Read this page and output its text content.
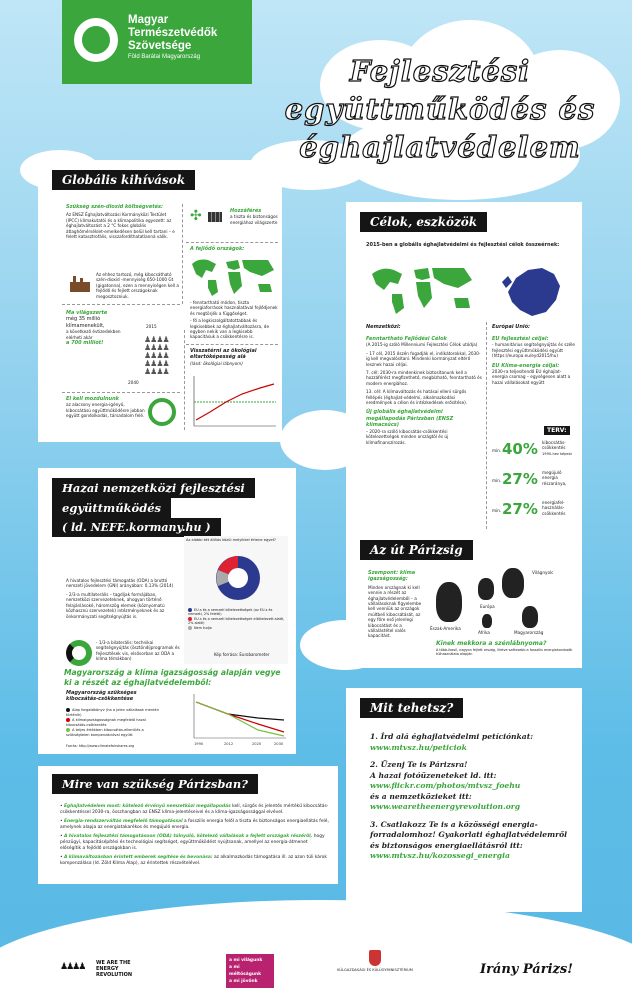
Magyar
Természetvédők
Szövetsége
Föld Barátai Magyarország	Fejlesztési
együttműködés és
éghajlatvédelem
Globális kihívások
Szükség szén-dioxid költségvetés:
Az ENSZ Éghajlatváltozási Kormányközi Testület (IPCC) klímakutatói és a klímapolitika egyezett: az éghajlatváltozást a 2 °C fokos globális átlaghőmérséklet-emelkedésen belül kell tartani – e felett katasztrofális, visszafordíthatatlanná válik.
Az ehhez tartozó, még kibocsátható szén-dioxid -mennyiség 650-1000 Gt (gigatonna), ezen a mennyiségen kell a fejlődő és fejlett országoknak megosztozniuk.
✣	Hozzáférés
a tiszta és biztonságos energiához világszerte
A fejlődő országok:
- fenntartható módon, tiszta energiaforrások használatával fejlődjenek és megtörjék a függőséget.
- fő a legkiszolgáltatottabbak és legkisebbek az éghajlatváltozásra, de egyben nekik van a legkisebb kapacitásuk a csökkentésre is.
Ma világszerte
még 35 millió klímamenekült,
a következő évtizedekben elérheti akár
a 700 milliót!
2015
2040
♟♟♟♟
♟♟♟♟
♟♟♟♟
♟♟♟♟
♟♟♟♟
El kell mozdulnunk
az alacsony energia-igényű, kibocsátású együttműködésre jobban együtt gondolkodás, társadalom felé.
Visszatérni az ökológiai eltartóképesség alá
(lásd: ökológiai lábnyom)
Célok, eszközök
2015-ben a globális éghajlatvédelmi és fejlesztési célok összeérnek:
Nemzetközi:	Európai Unió:
Fenntartható Fejlődési Célok
(A 2015-ig szóló Millenniumi Fejlesztési Célok utódja)
– 17 cél, 2015 őszén fogadják el, indikátorokkal, 2030-ig kell megvalósítani. Mindenki kormányzat eltérő lesznek hazai céljai.
7. cél: 2030-ra mindenkinek biztosítanunk kell a hozzáférést megfizethető, megbízható, fenntartható és modern energiához.
13. cél: A klímaváltozás és hatásai elleni sürgős fellépés (éghajlat-védelmi, alkalmazkodási eredmények a célon és intézkedések erősítése).
Új globális éghajlatvédelmi megállapodás Párizsban (ENSZ klímacsúcs)
– 2020-ra szóló kibocsátás-csökkentési kötelezettségek minden országtól és új klímafinanszírozás.
EU fejlesztési céljai:
- humanitárius segítségnyújtás és széle fejlesztési együttműködési együtt
(https://europa.eu/eyd2015/hu)
EU Klíma-energia céljai:
2030-ra teljesítendő EU éghajlat-energia csomag – egységesen alatt a hazai vállalásokat együtt
TERV:
min. 40% kibocsátás-csökkentés
1990-hez képest
min. 27% megújuló energia részaránya,
min. 27% energiafel-használás-csökkentés
Hazai nemzetközi fejlesztési
együttműködés
( ld. NEFE.kormany.hu )
A hivatalos fejlesztési támogatás (ODA) a bruttó nemzeti jövedelem (GNI) arányában: 0,13% (2014)
- 2/3-a multilaterális – tagdíjak formájában, nemzetközi szervezeteknek, ahogyan történő felajánlásoké, háromszög elemek (köznyomatú közhasznú szervezetek) intézményeknek és az önkormányzati segítségnyújtás is.
- 1/3-a bilaterális: technikai segítségnyújtás (ösztöndíjprogramok és fejlesztések vis, elsősorban az ODA a klíma témákban)
Az alábbi két állítás közül melyikkel értene egyet?
EU-s és a nemzeti kötelezettségek (az EU-s és nemzeti, 2% feletti)
EU-s és a nemzeti kötelezettségek elkötelezett alatti, 2% alatti)
Nem tudja
Kép forrása: Eurobarometer
Magyarország a klíma igazságosság alapján vegye ki a részét az éghajlatvédelemből:
Magyarország szükséges kibocsátás-csökkentése
Alap forgatókönyv (ha a jelen vállalások mentén történik)
A klímaigazságosságnak megfelelő hazai kibocsátás-csökkentés
A teljes értékben kibocsátás-elkerülés a szükségtelen kompenzációval együtt
Forrás: http://www.climatefairshares.org	1990	2012	2020	2030
Az út Párizsig
Szempont: klíma igazságosság:
Minden országnak ki kell vennie a részét az éghajlatvédelemből – a vállalásoknak figyelembe kell venniük az országok múltbeli kibocsátását, az egy főre eső jelenlegi kibocsátást és a vállalástétel valós kapacitást.
Világnyolc
Európa
Észak-Amerika
Afrika	Magyarország
Kinek mekkora a szénlábnyoma?
A több-fossil, nagyon fejlett ország, illetve szélesebb a fosszilis energiahordozók túlhasználata alapján
Mit tehetsz?
1. Írd alá éghajlatvédelmi petíciónkat:
www.mtvsz.hu/peticiok
2. Üzenj Te is Párizsra!
A hazai fotóüzeneteket ld. itt:
www.flickr.com/photos/mtvsz_foehu
és a nemzetközieket itt:
www.wearetheenergyrevolution.org
3. Csatlakozz Te is a közösségi energia-forradalomhoz! Gyakorlati éghajlatvédelemről és biztonságos energiaellátásról itt:
www.mtvsz.hu/kozossegi_energia
Mire van szükség Párizsban?
• Éghajlatvédelem most: kötelező érvényű nemzetközi megállapodás kell, sürgős és jelentős mértékű kibocsátás-csökkentéssel 2030-ra, összhangban az ENSZ klíma-jelentéseivel és a klíma-igazságossággal elvével.
• Energia-rendszerváltás megfelelő támogatással a fosszilis energia felől a tiszta és biztonságos energiaellátás felé, amelynek alapja az energiatakarékos és megújuló energia.
• A hivatalos fejlesztési támogatásoon (ODA) túlnyúló, kötelező vállalások a fejlett országok részéről, hogy pénzügyi, kapacitásépítési és technológiai segítséget, együttműködést nyújtsanak, amellyel az energia-átmenet előségítik a fejlődő országokban is.
• A klímaváltozásban érintett emberek segítése és bevonása: az alkalmazkodás támogatása ill. az azon túli károk kompenzálása (ld. Zöld Klíma Alap), az érintettek részvételével.
♟♟♟♟ WE ARE THE
ENERGY
REVOLUTION
a mi világunk
a mi méltóságunk
a mi jövőnk
KÜLGAZDASÁGI ÉS KÜLÜGYMINISZTÉRIUM	Irány Párizs!
